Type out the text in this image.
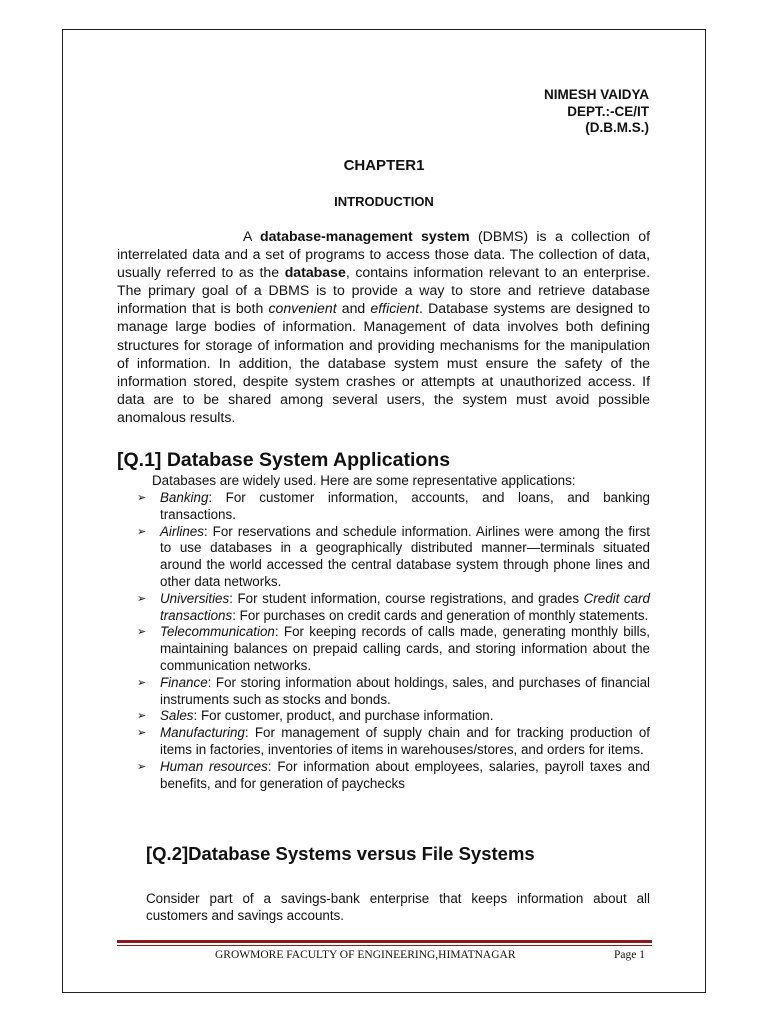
NIMESH VAIDYA
DEPT.:-CE/IT
(D.B.M.S.)
CHAPTER1
INTRODUCTION

A database-management system (DBMS) is a collection of interrelated data and a set of programs to access those data. The collection of data, usually referred to as the database, contains information relevant to an enterprise. The primary goal of a DBMS is to provide a way to store and retrieve database information that is both convenient and efficient. Database systems are designed to manage large bodies of information. Management of data involves both defining structures for storage of information and providing mechanisms for the manipulation of information. In addition, the database system must ensure the safety of the information stored, despite system crashes or attempts at unauthorized access. If data are to be shared among several users, the system must avoid possible anomalous results.

[Q.1] Database System Applications
Databases are widely used. Here are some representative applications:
➢ Banking: For customer information, accounts, and loans, and banking transactions.
➢ Airlines: For reservations and schedule information. Airlines were among the first to use databases in a geographically distributed manner—terminals situated around the world accessed the central database system through phone lines and other data networks.
➢ Universities: For student information, course registrations, and grades Credit card transactions: For purchases on credit cards and generation of monthly statements.
➢ Telecommunication: For keeping records of calls made, generating monthly bills, maintaining balances on prepaid calling cards, and storing information about the communication networks.
➢ Finance: For storing information about holdings, sales, and purchases of financial instruments such as stocks and bonds.
➢ Sales: For customer, product, and purchase information.
➢ Manufacturing: For management of supply chain and for tracking production of items in factories, inventories of items in warehouses/stores, and orders for items.
➢ Human resources: For information about employees, salaries, payroll taxes and benefits, and for generation of paychecks
[Q.2]Database Systems versus File Systems

Consider part of a savings-bank enterprise that keeps information about all customers and savings accounts.

GROWMORE FACULTY OF ENGINEERING,HIMATNAGAR	Page 1
